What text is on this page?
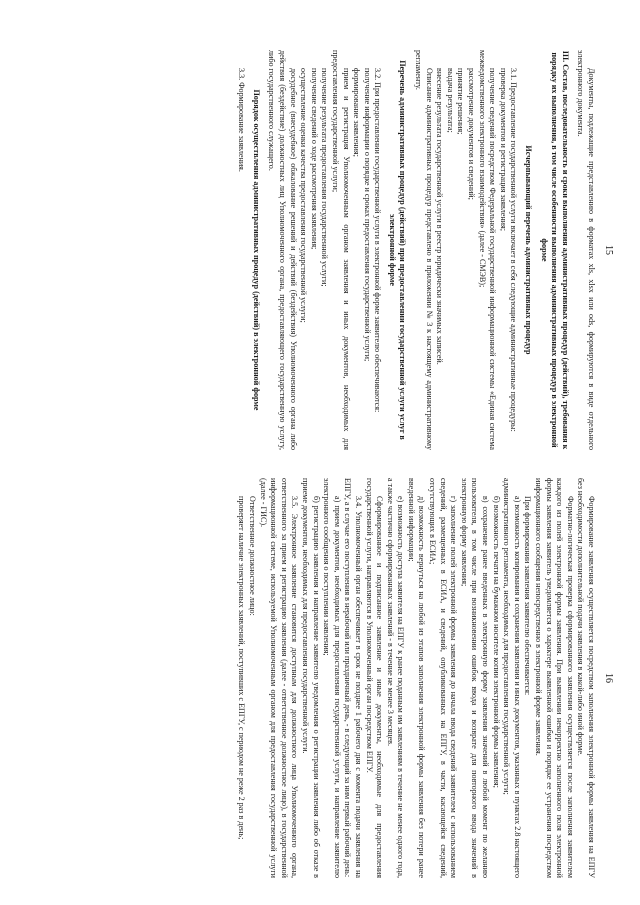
15

Документы, подлежащие представлению в форматах xls, xlsx или ods, формируются в виде отдельного электронного документа.

III. Состав, последовательность и сроки выполнения административных процедур (действий), требования к порядку их выполнения, в том числе особенности выполнения административных процедур в электронной форме

Исчерпывающий перечень административных процедур

3.1. Предоставление государственной услуги включает в себя следующие административные процедуры:

проверка документов и регистрация заявления;

получение сведений посредством Федеральной государственной информационной системы «Единая система межведомственного электронного взаимодействия» (далее - СМЭВ);

рассмотрение документов и сведений;

принятие решения;

выдача результата;

внесение результата государственной услуги в реестр юридически значимых записей.

Описание административных процедур представлено в приложении № 3 к настоящему административному регламенту.

Перечень административных процедур (действий) при предоставлении государственной услуги услуг в электронной форме

3.2. При предоставлении государственной услуги в электронной форме заявителю обеспечиваются:

получение информации о порядке и сроках предоставления государственной услуги;

формирование заявления;

прием и регистрация Уполномоченным органом заявления и иных документов, необходимых для предоставления государственной услуги;

получение результата предоставления государственной услуги;

получение сведений о ходе рассмотрения заявления;

осуществление оценки качества предоставления государственной услуги;

досудебное (внесудебное) обжалование решений и действий (бездействия) Уполномоченного органа либо действия (бездействие) должностных лиц Уполномоченного органа, предоставляющего государственную услугу, либо государственного служащего.

Порядок осуществления административных процедур (действий) в электронной форме

3.3. Формирование заявления.

16

Формирование заявления осуществляется посредством заполнения электронной формы заявления на ЕПГУ без необходимости дополнительной подачи заявления в какой-либо иной форме.

Форматно-логическая проверка сформированного заявления осуществляется после заполнения заявителем каждого из полей электронной формы заявления. При выявлении некорректно заполненного поля электронной формы заявления заявитель уведомляется о характере выявленной ошибки и порядке ее устранения посредством информационного сообщения непосредственно в электронной форме заявления.

При формировании заявления заявителю обеспечивается:

а) возможность копирования и сохранения заявления и иных документов, указанных в пунктах 2.8 настоящего административного регламента, необходимых для предоставления государственной услуги;

б) возможность печати на бумажном носителе копии электронной формы заявления;

в) сохранение ранее введенных в электронную форму заявления значений в любой момент по желанию пользователя, в том числе при возникновении ошибок ввода и возврате для повторного ввода значений в электронную форму заявления;

г) заполнение полей электронной формы заявления до начала ввода сведений заявителем с использованием сведений, размещенных в ЕСИА, и сведений, опубликованных на ЕПГУ, в части, касающейся сведений, отсутствующих в ЕСИА;

д) возможность вернуться на любой из этапов заполнения электронной формы заявления без потери ранее введенной информации;

е) возможность доступа заявителя на ЕПГУ к ранее поданным им заявлениям в течение не менее одного года, а также частично сформированных заявлений - в течение не менее 3 месяцев.

Сформированное и подписанное заявление и иные документы, необходимые для предоставления государственной услуги, направляются в Уполномоченный орган посредством ЕПГУ.

3.4. Уполномоченный орган обеспечивает в срок не позднее 1 рабочего дня с момента подачи заявления на ЕПГУ, а в случае его поступления в нерабочий или праздничный день, - в следующий за ним первый рабочий день:

а) прием документов, необходимых для предоставления государственной услуги, и направление заявителю электронного сообщения о поступлении заявления;

б) регистрацию заявления и направление заявителю уведомления о регистрации заявления либо об отказе в приеме документов, необходимых для предоставления государственной услуги.

3.5. Электронное заявление становится доступным для должностного лица Уполномоченного органа, ответственного за прием и регистрацию заявления (далее - ответственное должностное лицо), в государственной информационной системе, используемой Уполномоченным органом для предоставления государственной услуги (далее - ГИС).

Ответственное должностное лицо:

проверяет наличие электронных заявлений, поступивших с ЕПГУ, с периодом не реже 2 раз в день;
